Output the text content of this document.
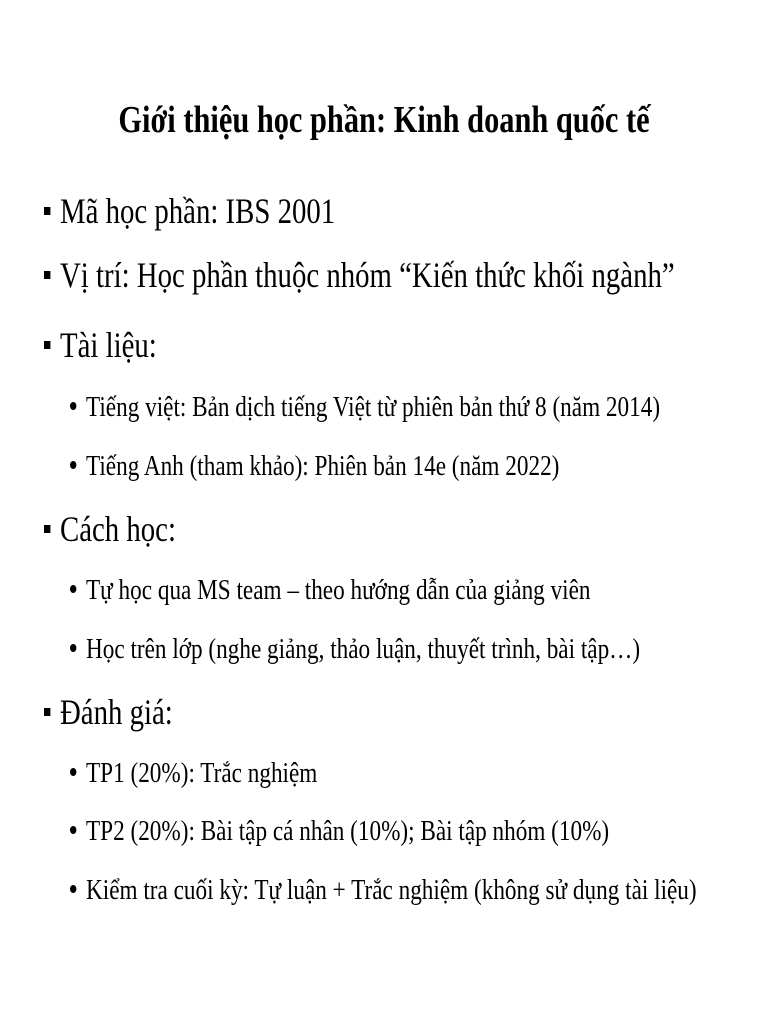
Giới thiệu học phần: Kinh doanh quốc tế
Mã học phần: IBS 2001
Vị trí: Học phần thuộc nhóm “Kiến thức khối ngành”
Tài liệu:
Tiếng việt: Bản dịch tiếng Việt từ phiên bản thứ 8 (năm 2014)
Tiếng Anh (tham khảo): Phiên bản 14e (năm 2022)
Cách học:
Tự học qua MS team – theo hướng dẫn của giảng viên
Học trên lớp (nghe giảng, thảo luận, thuyết trình, bài tập…)
Đánh giá:
TP1 (20%): Trắc nghiệm
TP2 (20%): Bài tập cá nhân (10%); Bài tập nhóm (10%)
Kiểm tra cuối kỳ: Tự luận + Trắc nghiệm (không sử dụng tài liệu)
